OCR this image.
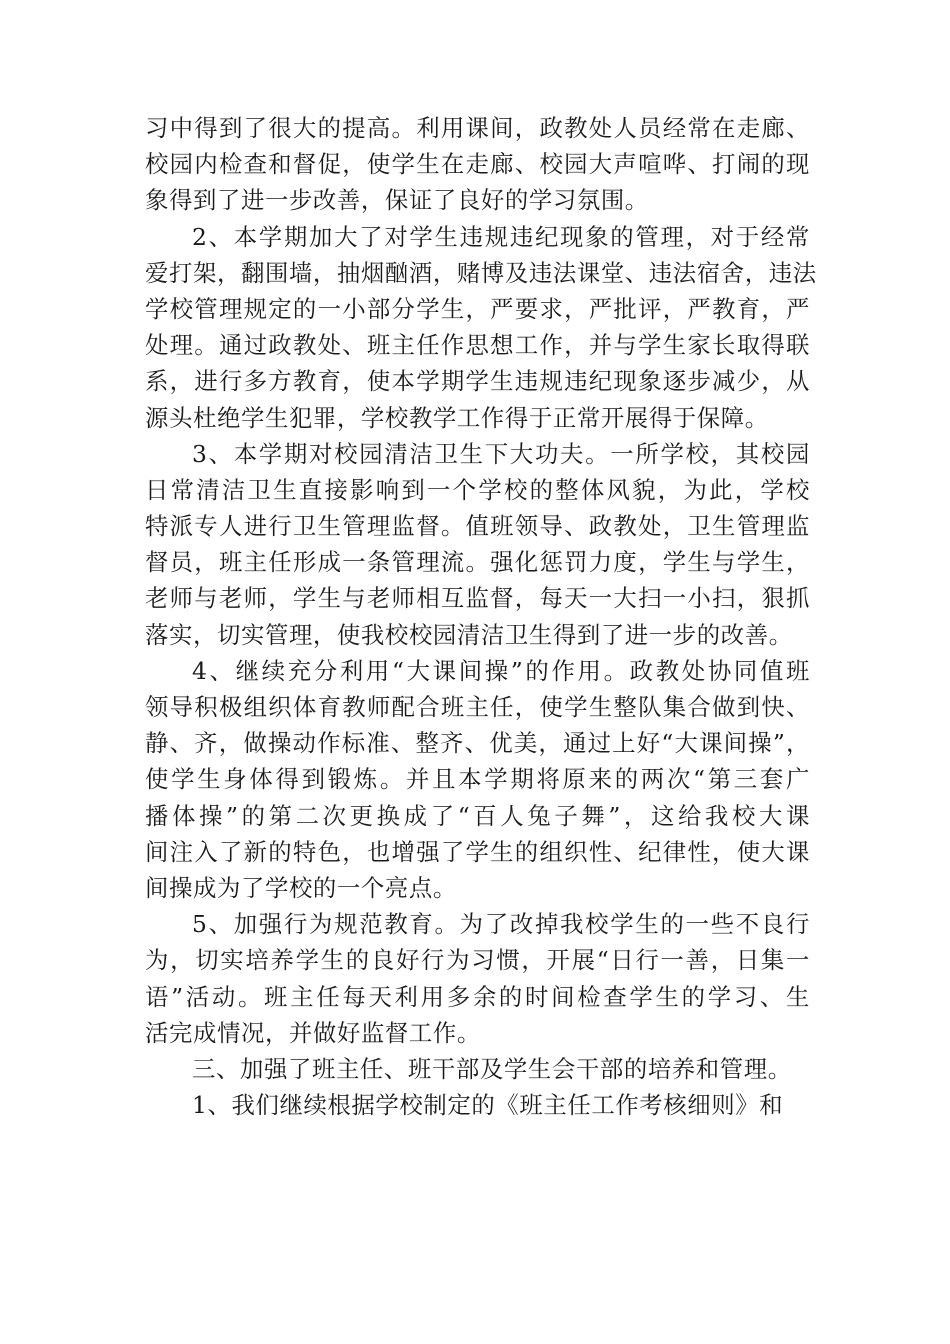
习中得到了很大的提高。利用课间，政教处人员经常在走廊、
校园内检查和督促，使学生在走廊、校园大声喧哗、打闹的现
象得到了进一步改善，保证了良好的学习氛围。
2、本学期加大了对学生违规违纪现象的管理，对于经常
爱打架，翻围墙，抽烟酗酒，赌博及违法课堂、违法宿舍，违法
学校管理规定的一小部分学生，严要求，严批评，严教育，严
处理。通过政教处、班主任作思想工作，并与学生家长取得联
系，进行多方教育，使本学期学生违规违纪现象逐步减少，从
源头杜绝学生犯罪，学校教学工作得于正常开展得于保障。
3、本学期对校园清洁卫生下大功夫。一所学校，其校园
日常清洁卫生直接影响到一个学校的整体风貌，为此，学校
特派专人进行卫生管理监督。值班领导、政教处，卫生管理监
督员，班主任形成一条管理流。强化惩罚力度，学生与学生，
老师与老师，学生与老师相互监督，每天一大扫一小扫，狠抓
落实，切实管理，使我校校园清洁卫生得到了进一步的改善。
4、继续充分利用“大课间操”的作用。政教处协同值班
领导积极组织体育教师配合班主任，使学生整队集合做到快、
静、齐，做操动作标准、整齐、优美，通过上好“大课间操”，
使学生身体得到锻炼。并且本学期将原来的两次“第三套广
播体操”的第二次更换成了“百人兔子舞”，这给我校大课
间注入了新的特色，也增强了学生的组织性、纪律性，使大课
间操成为了学校的一个亮点。
5、加强行为规范教育。为了改掉我校学生的一些不良行
为，切实培养学生的良好行为习惯，开展“日行一善，日集一
语”活动。班主任每天利用多余的时间检查学生的学习、生
活完成情况，并做好监督工作。
三、加强了班主任、班干部及学生会干部的培养和管理。
1、我们继续根据学校制定的《班主任工作考核细则》和
